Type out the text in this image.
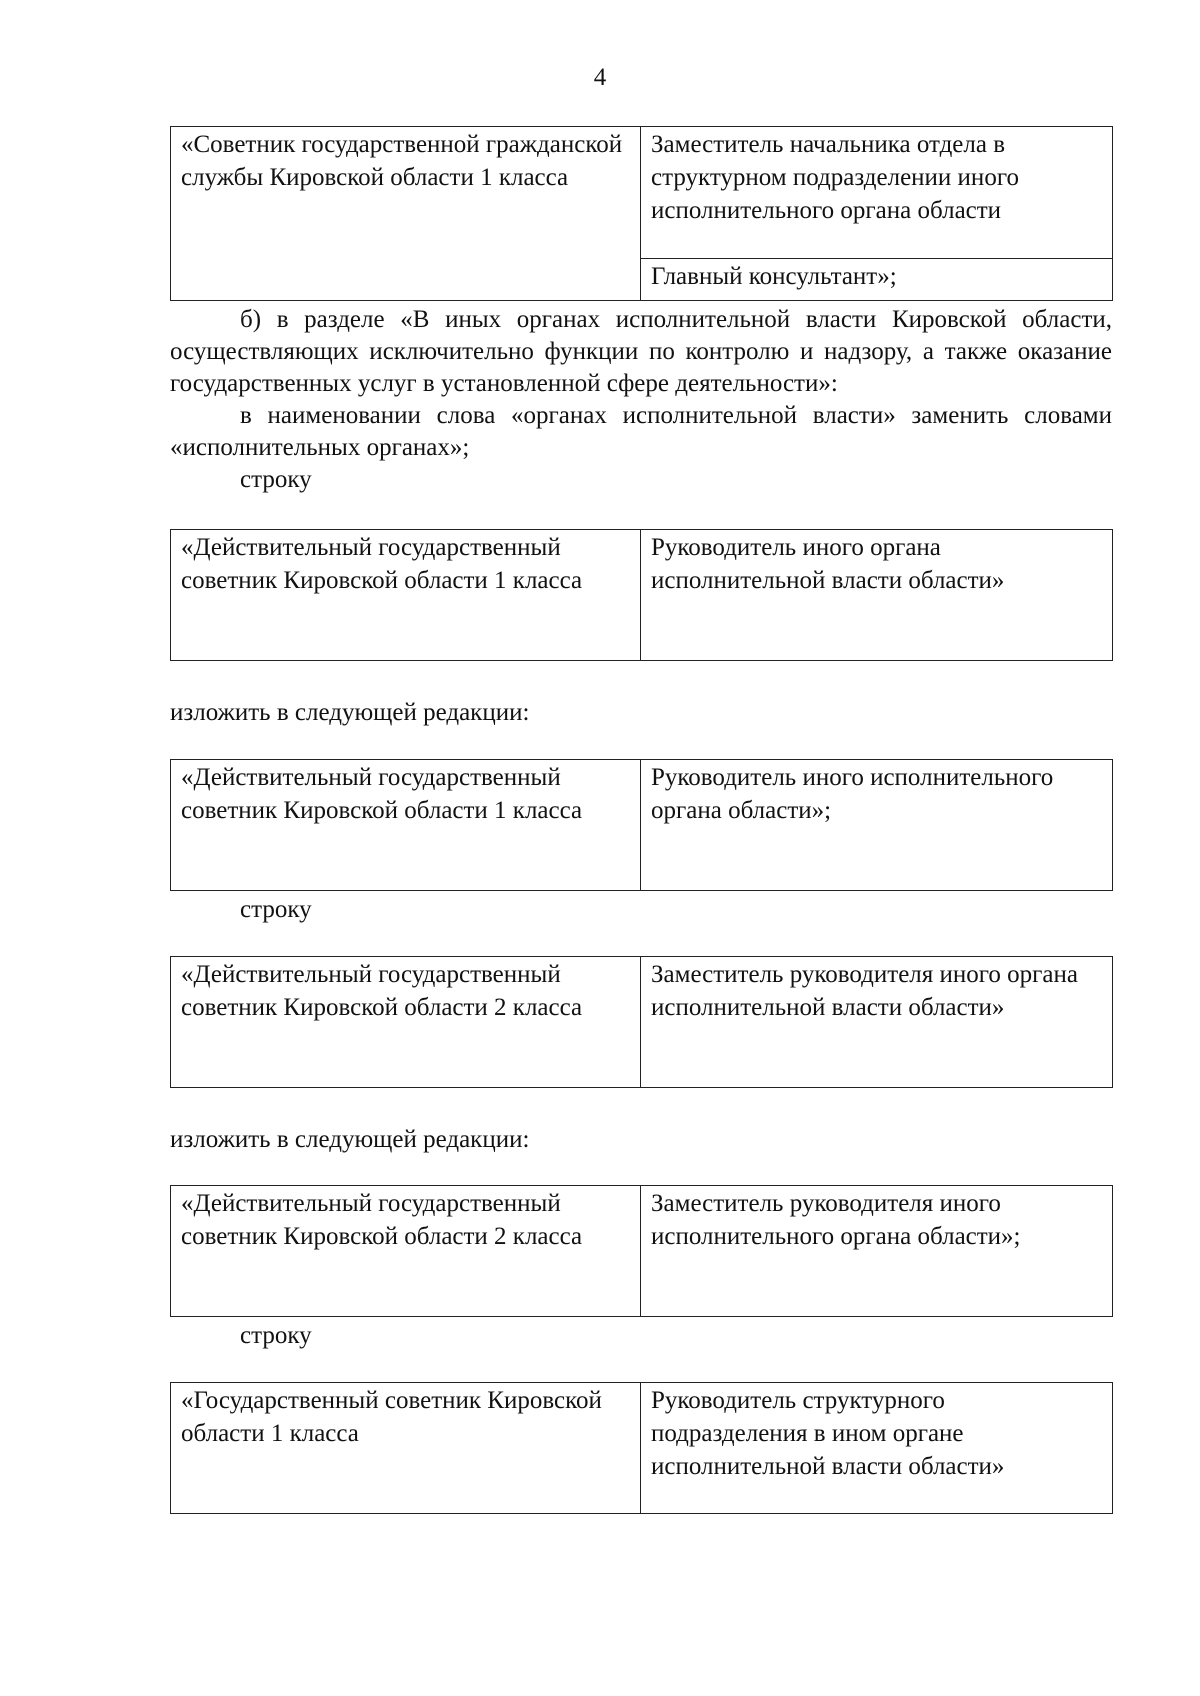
4
«Советник государственной гражданской службы Кировской области 1 класса	Заместитель начальника отдела в структурном подразделении иного исполнительного органа области
Главный консультант»;
б) в разделе «В иных органах исполнительной власти Кировской области, осуществляющих исключительно функции по контролю и надзору, а также оказание государственных услуг в установленной сфере деятельности»:
в наименовании слова «органах исполнительной власти» заменить словами «исполнительных органах»;
строку
«Действительный государственный советник Кировской области 1 класса	Руководитель иного органа исполнительной власти области»
изложить в следующей редакции:
«Действительный государственный советник Кировской области 1 класса	Руководитель иного исполнительного органа области»;
строку
«Действительный государственный советник Кировской области 2 класса	Заместитель руководителя иного органа исполнительной власти области»
изложить в следующей редакции:
«Действительный государственный советник Кировской области 2 класса	Заместитель руководителя иного исполнительного органа области»;
строку
«Государственный советник Кировской области 1 класса	Руководитель структурного подразделения в ином органе исполнительной власти области»
